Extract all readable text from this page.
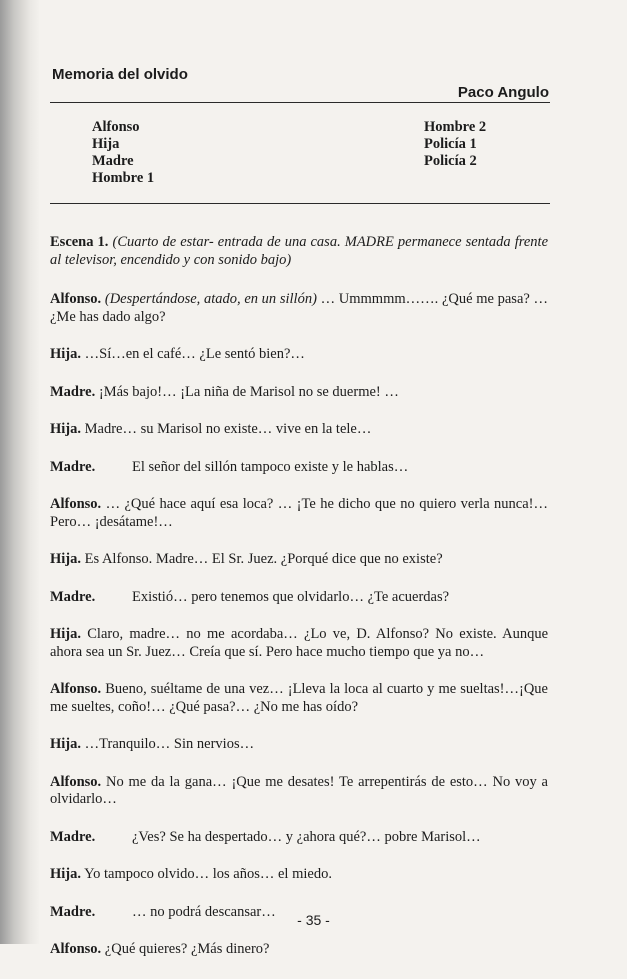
Memoria del olvido
Paco Angulo
Alfonso
Hija
Madre
Hombre 1
Hombre 2
Policía 1
Policía 2

Escena 1. (Cuarto de estar- entrada de una casa. MADRE permanece sentada frente al televisor, encendido y con sonido bajo)

Alfonso. (Despertándose, atado, en un sillón) … Ummmmm……. ¿Qué me pasa? … ¿Me has dado algo?

Hija. …Sí…en el café… ¿Le sentó bien?…

Madre. ¡Más bajo!… ¡La niña de Marisol no se duerme! …

Hija. Madre… su Marisol no existe… vive en la tele…

Madre.	El señor del sillón tampoco existe y le hablas…

Alfonso. … ¿Qué hace aquí esa loca? … ¡Te he dicho que no quiero verla nunca!… Pero… ¡desátame!…

Hija. Es Alfonso. Madre… El Sr. Juez. ¿Porqué dice que no existe?

Madre.	Existió… pero tenemos que olvidarlo… ¿Te acuerdas?

Hija. Claro, madre… no me acordaba… ¿Lo ve, D. Alfonso? No existe. Aunque ahora sea un Sr. Juez… Creía que sí. Pero hace mucho tiempo que ya no…

Alfonso. Bueno, suéltame de una vez… ¡Lleva la loca al cuarto y me sueltas!…¡Que me sueltes, coño!… ¿Qué pasa?… ¿No me has oído?

Hija. …Tranquilo… Sin nervios…

Alfonso. No me da la gana… ¡Que me desates! Te arrepentirás de esto… No voy a olvidarlo…

Madre.	¿Ves? Se ha despertado… y ¿ahora qué?… pobre Marisol…

Hija. Yo tampoco olvido… los años… el miedo.

Madre.	… no podrá descansar…

Alfonso. ¿Qué quieres? ¿Más dinero?

- 35 -
